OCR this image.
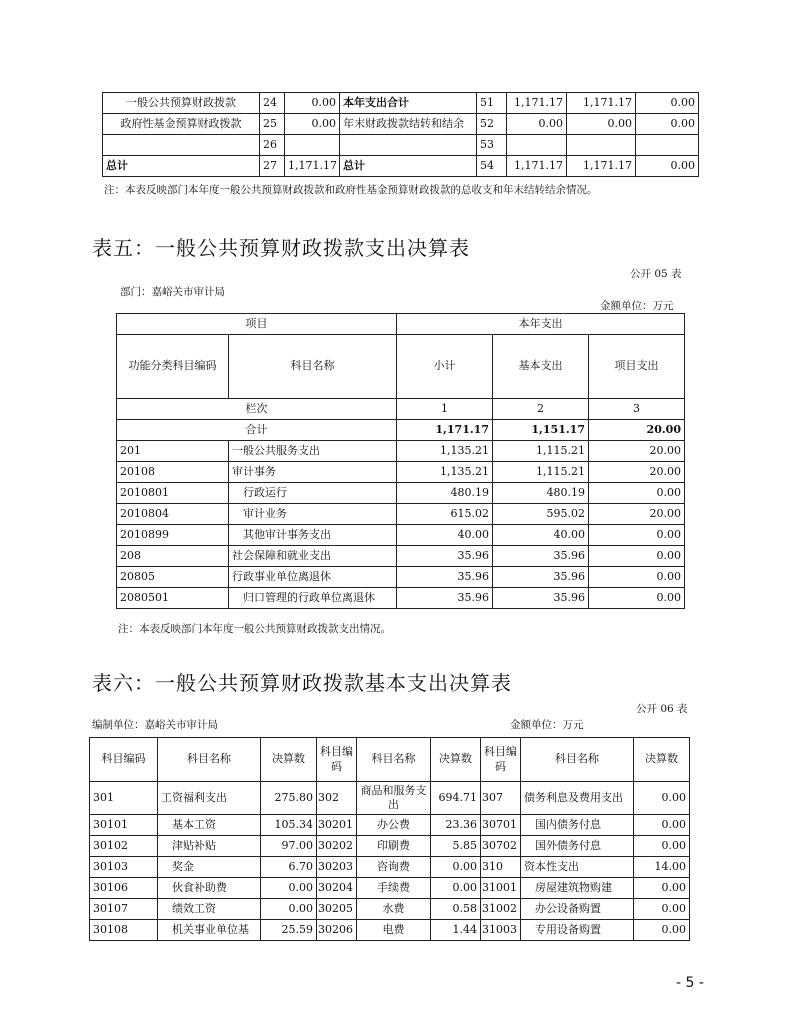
一般公共预算财政拨款	24	0.00	本年支出合计	51	1,171.17	1,171.17	0.00
政府性基金预算财政拨款	25	0.00	年末财政拨款结转和结余	52	0.00	0.00	0.00
	26			53			
总计	27	1,171.17	总计	54	1,171.17	1,171.17	0.00
注：本表反映部门本年度一般公共预算财政拨款和政府性基金预算财政拨款的总收支和年末结转结余情况。
表五：一般公共预算财政拨款支出决算表
公开 05 表
部门：嘉峪关市审计局
金额单位：万元
项目		本年支出		
功能分类科目编码	科目名称	小计	基本支出	项目支出
栏次		1	2	3
合计		1,171.17	1,151.17	20.00
201	一般公共服务支出	1,135.21	1,115.21	20.00
20108	审计事务	1,135.21	1,115.21	20.00
2010801	行政运行	480.19	480.19	0.00
2010804	审计业务	615.02	595.02	20.00
2010899	其他审计事务支出	40.00	40.00	0.00
208	社会保障和就业支出	35.96	35.96	0.00
20805	行政事业单位离退休	35.96	35.96	0.00
2080501	归口管理的行政单位离退休	35.96	35.96	0.00
注：本表反映部门本年度一般公共预算财政拨款支出情况。
表六：一般公共预算财政拨款基本支出决算表
公开 06 表
编制单位：嘉峪关市审计局	金额单位：万元
科目编码	科目名称	决算数	科目编码	科目名称	决算数	科目编码	科目名称	决算数
301	工资福利支出	275.80	302	商品和服务支出	694.71	307	债务利息及费用支出	0.00
30101	基本工资	105.34	30201	办公费	23.36	30701	国内债务付息	0.00
30102	津贴补贴	97.00	30202	印刷费	5.85	30702	国外债务付息	0.00
30103	奖金	6.70	30203	咨询费	0.00	310	资本性支出	14.00
30106	伙食补助费	0.00	30204	手续费	0.00	31001	房屋建筑物购建	0.00
30107	绩效工资	0.00	30205	水费	0.58	31002	办公设备购置	0.00
30108	机关事业单位基	25.59	30206	电费	1.44	31003	专用设备购置	0.00
- 5 -
